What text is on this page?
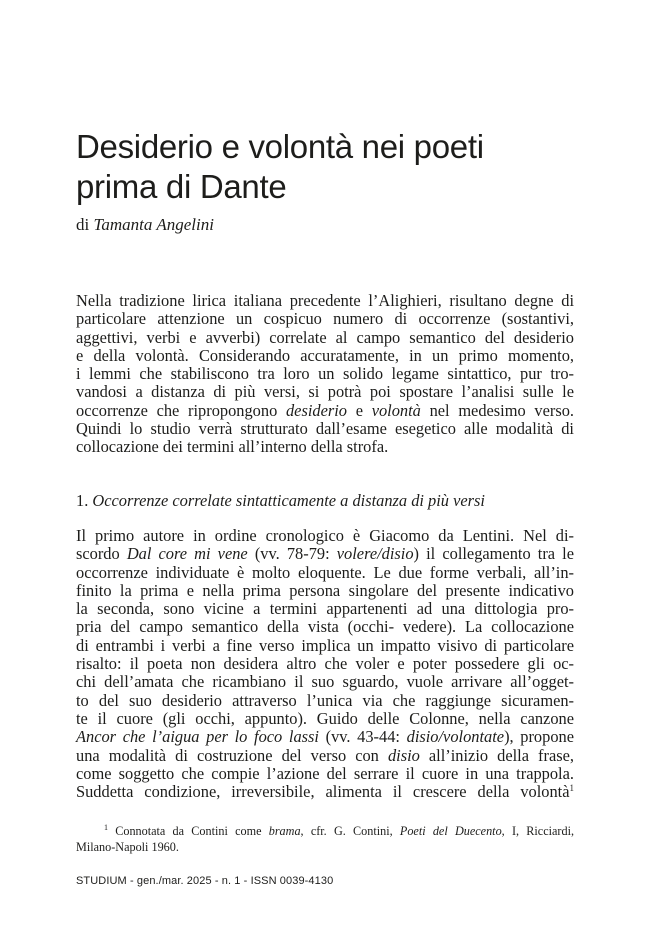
Desiderio e volontà nei poeti
prima di Dante

di Tamanta Angelini

Nella tradizione lirica italiana precedente l’Alighieri, risultano degne di
particolare attenzione un cospicuo numero di occorrenze (sostantivi,
aggettivi, verbi e avverbi) correlate al campo semantico del desiderio
e della volontà. Considerando accuratamente, in un primo momento,
i lemmi che stabiliscono tra loro un solido legame sintattico, pur tro-
vandosi a distanza di più versi, si potrà poi spostare l’analisi sulle le
occorrenze che ripropongono desiderio e volontà nel medesimo verso.
Quindi lo studio verrà strutturato dall’esame esegetico alle modalità di
collocazione dei termini all’interno della strofa.
1. Occorrenze correlate sintatticamente a distanza di più versi
Il primo autore in ordine cronologico è Giacomo da Lentini. Nel di-
scordo Dal core mi vene (vv. 78-79: volere/disio) il collegamento tra le
occorrenze individuate è molto eloquente. Le due forme verbali, all’in-
finito la prima e nella prima persona singolare del presente indicativo
la seconda, sono vicine a termini appartenenti ad una dittologia pro-
pria del campo semantico della vista (occhi- vedere). La collocazione
di entrambi i verbi a fine verso implica un impatto visivo di particolare
risalto: il poeta non desidera altro che voler e poter possedere gli oc-
chi dell’amata che ricambiano il suo sguardo, vuole arrivare all’ogget-
to del suo desiderio attraverso l’unica via che raggiunge sicuramen-
te il cuore (gli occhi, appunto). Guido delle Colonne, nella canzone
Ancor che l’aigua per lo foco lassi (vv. 43-44: disio/volontate), propone
una modalità di costruzione del verso con disio all’inizio della frase,
come soggetto che compie l’azione del serrare il cuore in una trappola.
Suddetta condizione, irreversibile, alimenta il crescere della volontà$^1$
$^1$ Connotata da Contini come brama, cfr. G. Contini, Poeti del Duecento, I, Ricciardi,
Milano-Napoli 1960.

STUDIUM - gen./mar. 2025 - n. 1 - ISSN 0039-4130
